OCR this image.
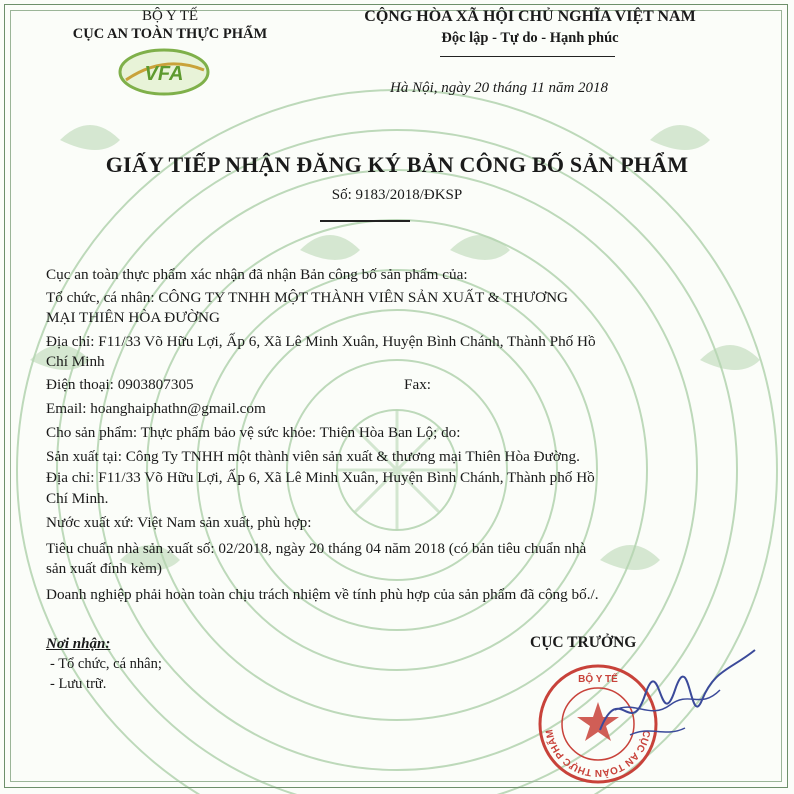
BỘ Y TẾ
CỤC AN TOÀN THỰC PHẨM
VFA
CỘNG HÒA XÃ HỘI CHỦ NGHĨA VIỆT NAM
Độc lập - Tự do - Hạnh phúc
Hà Nội, ngày 20 tháng 11 năm 2018
GIẤY TIẾP NHẬN ĐĂNG KÝ BẢN CÔNG BỐ SẢN PHẨM
Số: 9183/2018/ĐKSP
Cục an toàn thực phẩm xác nhận đã nhận Bản công bố sản phẩm của:
Tổ chức, cá nhân: CÔNG TY TNHH MỘT THÀNH VIÊN SẢN XUẤT & THƯƠNG
MẠI THIÊN HÒA ĐƯỜNG
Địa chỉ: F11/33 Võ Hữu Lợi, Ấp 6, Xã Lê Minh Xuân, Huyện Bình Chánh, Thành Phố Hồ
Chí Minh
Điện thoại: 0903807305	Fax:
Email: hoanghaiphathn@gmail.com
Cho sản phẩm: Thực phẩm bảo vệ sức khỏe: Thiên Hòa Ban Lộ; do:
Sản xuất tại: Công Ty TNHH một thành viên sản xuất & thương mại Thiên Hòa Đường.
Địa chỉ: F11/33 Võ Hữu Lợi, Ấp 6, Xã Lê Minh Xuân, Huyện Bình Chánh, Thành phố Hồ
Chí Minh.
Nước xuất xứ: Việt Nam sản xuất, phù hợp:
Tiêu chuẩn nhà sản xuất số: 02/2018, ngày 20 tháng 04 năm 2018 (có bản tiêu chuẩn nhà
sản xuất đính kèm)
Doanh nghiệp phải hoàn toàn chịu trách nhiệm về tính phù hợp của sản phẩm đã công bố./.
Nơi nhận:
- Tổ chức, cá nhân;
- Lưu trữ.
CỤC TRƯỞNG
CỤC AN TOÀN THỰC PHẨM
BỘ Y TẾ
